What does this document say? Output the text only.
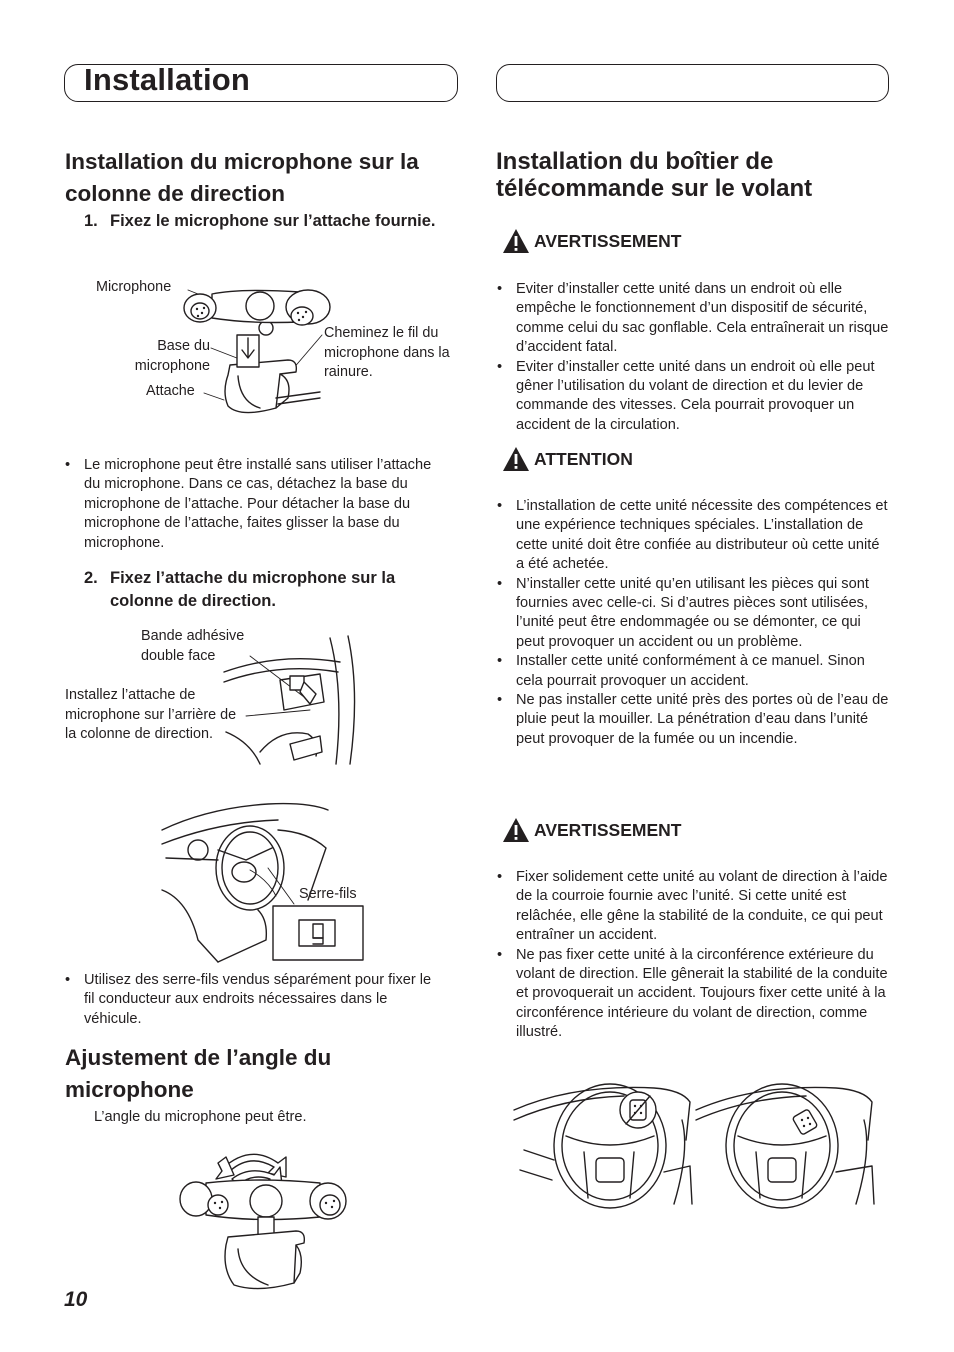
Installation
Installation du microphone sur la colonne de direction
1. Fixez le microphone sur l’attache fournie.
Microphone
Base du microphone
Attache
Cheminez le fil du microphone dans la rainure.
• Le microphone peut être installé sans utiliser l’attache du microphone. Dans ce cas, détachez la base du microphone de l’attache. Pour détacher la base du microphone de l’attache, faites glisser la base du microphone.
2. Fixez l’attache du microphone sur la colonne de direction.
Bande adhésive double face
Installez l’attache de microphone sur l’arrière de la colonne de direction.
Serre-fils
• Utilisez des serre-fils vendus séparément pour fixer le fil conducteur aux endroits nécessaires dans le véhicule.
Ajustement de l’angle du microphone
L’angle du microphone peut être.
10
Installation du boîtier de télécommande sur le volant
AVERTISSEMENT
• Eviter d’installer cette unité dans un endroit où elle empêche le fonctionnement d’un dispositif de sécurité, comme celui du sac gonflable. Cela entraînerait un risque d’accident fatal.
• Eviter d’installer cette unité dans un endroit où elle peut gêner l’utilisation du volant de direction et du levier de commande des vitesses. Cela pourrait provoquer un accident de la circulation.
ATTENTION
• L’installation de cette unité nécessite des compétences et une expérience techniques spéciales. L’installation de cette unité doit être confiée au distributeur où cette unité a été achetée.
• N’installer cette unité qu’en utilisant les pièces qui sont fournies avec celle-ci. Si d’autres pièces sont utilisées, l’unité peut être endommagée ou se démonter, ce qui peut provoquer un accident ou un problème.
• Installer cette unité conformément à ce manuel. Sinon cela pourrait provoquer un accident.
• Ne pas installer cette unité près des portes où de l’eau de pluie peut la mouiller. La pénétration d’eau dans l’unité peut provoquer de la fumée ou un incendie.
AVERTISSEMENT
• Fixer solidement cette unité au volant de direction à l’aide de la courroie fournie avec l’unité. Si cette unité est relâchée, elle gêne la stabilité de la conduite, ce qui peut entraîner un accident.
• Ne pas fixer cette unité à la circonférence extérieure du volant de direction. Elle gênerait la stabilité de la conduite et provoquerait un accident. Toujours fixer cette unité à la circonférence intérieure du volant de direction, comme illustré.
